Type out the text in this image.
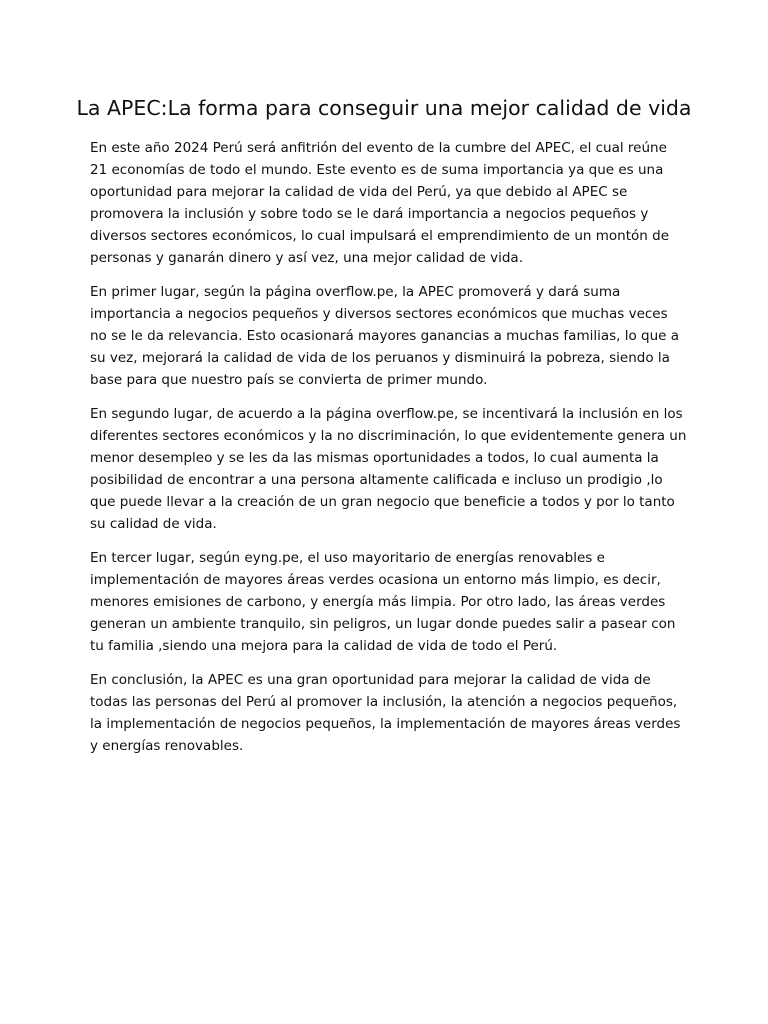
La APEC:La forma para conseguir una mejor calidad de vida

En este año 2024 Perú será anfitrión del evento de la cumbre del APEC, el cual reúne 21 economías de todo el mundo. Este evento es de suma importancia ya que es una oportunidad para mejorar la calidad de vida del Perú, ya que debido al APEC se promovera la inclusión y sobre todo se le dará importancia a negocios pequeños y diversos sectores económicos, lo cual impulsará el emprendimiento de un montón de personas y ganarán dinero y así vez, una mejor calidad de vida.

En primer lugar, según la página overflow.pe, la APEC promoverá y dará suma importancia a negocios pequeños y diversos sectores económicos que muchas veces no se le da relevancia. Esto ocasionará mayores ganancias a muchas familias, lo que a su vez, mejorará la calidad de vida de los peruanos y disminuirá la pobreza, siendo la base para que nuestro país se convierta de primer mundo.

En segundo lugar, de acuerdo a la página overflow.pe, se incentivará la inclusión en los diferentes sectores económicos y la no discriminación, lo que evidentemente genera un menor desempleo y se les da las mismas oportunidades a todos, lo cual aumenta la posibilidad de encontrar a una persona altamente calificada e incluso un prodigio ,lo que puede llevar a la creación de un gran negocio que beneficie a todos y por lo tanto su calidad de vida.

En tercer lugar, según eyng.pe, el uso mayoritario de energías renovables e implementación de mayores áreas verdes ocasiona un entorno más limpio, es decir, menores emisiones de carbono, y energía más limpia. Por otro lado, las áreas verdes generan un ambiente tranquilo, sin peligros, un lugar donde puedes salir a pasear con tu familia ,siendo una mejora para la calidad de vida de todo el Perú.

En conclusión, la APEC es una gran oportunidad para mejorar la calidad de vida de todas las personas del Perú al promover la inclusión, la atención a negocios pequeños, la implementación de negocios pequeños, la implementación de mayores áreas verdes y energías renovables.
